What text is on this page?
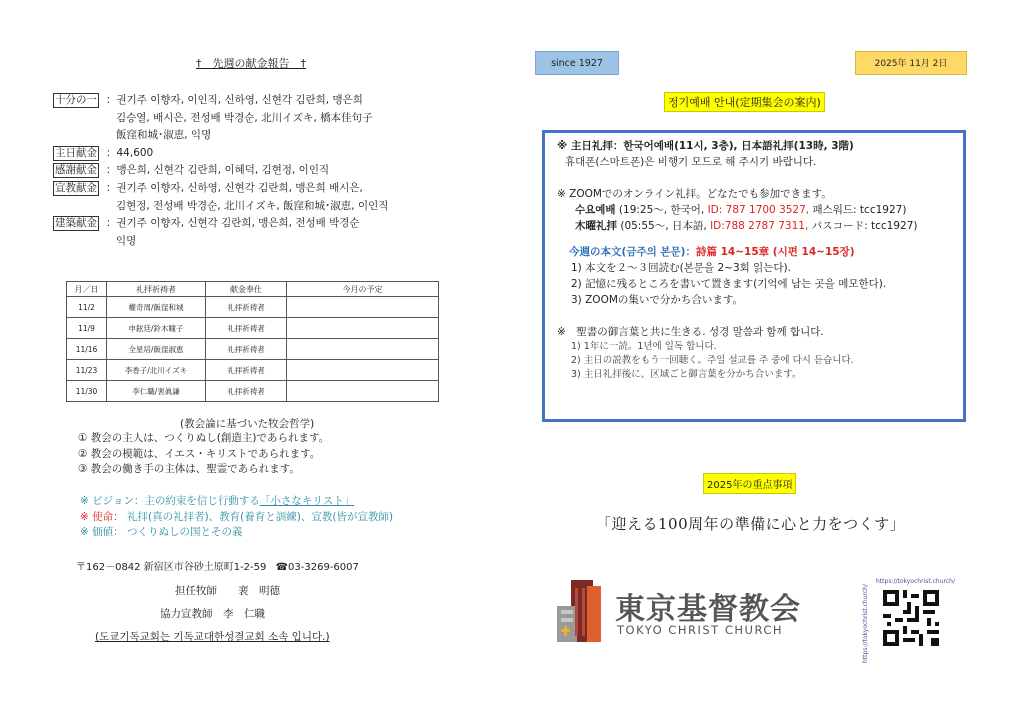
†　先週の献金報告　†
十分の一 ：권기주 이향자, 이인직, 신하영, 신현각 김란희, 맹은희
김승열, 배시은, 전성배 박경순, 北川イズキ, 橋本佳句子
飯窪和城･淑恵, 익명
主日献金 ：44,600
感謝献金 ：맹은희, 신현각 김란희, 이혜덕, 김현정, 이인직
宣教献金 ：권기주 이향자, 신하영, 신현각 김란희, 맹은희 배시은,
김현정, 전성배 박경순, 北川イズキ, 飯窪和城･淑恵, 이인직
建築献金 ：권기주 이향자, 신현각 김란희, 맹은희, 전성배 박경순
익명
月／日	礼拝祈祷者	献金奉仕	今月の予定
11/2	權奇周/飯窪和城	礼拝祈祷者	
11/9	申鉉廷/鈴木瞳子	礼拝祈祷者	
11/16	全星培/飯窪淑恵	礼拝祈祷者	
11/23	李香子/北川イズキ	礼拝祈祷者	
11/30	李仁職/裵眞謙	礼拝祈祷者	
(教会論に基づいた牧会哲学)
① 教会の主人は、つくりぬし(創造主)であられます。
② 教会の模範は、イエス・キリストであられます。
③ 教会の働き手の主体は、聖霊であられます。
※ ビジョン：主の約束を信じ行動する「小さなキリスト」
※ 使命： 礼拝(真の礼拝者)、教育(養育と訓練)、宣教(皆が宣教師)
※ 価値： つくりぬしの国とその義
〒162－0842 新宿区市谷砂土原町1-2-59 ☎03-3269-6007
担任牧師　　裵　明德
協力宣教師　李　仁職
(도쿄기독교회는 기독교대한성결교회 소속 입니다.)
since 1927	2025年 11月 2日
정기예배 안내(定期集会の案内)
※ 主日礼拝：한국어예배(11시, 3층), 日本語礼拝(13時, 3階)
휴대폰(스마트폰)은 비행기 모드로 해 주시기 바랍니다.
※ ZOOMでのオンライン礼拝。どなたでも参加できます。
수요예배 (19:25～, 한국어, ID: 787 1700 3527, 패스워드: tcc1927)
木曜礼拝 (05:55～, 日本語, ID:788 2787 7311, パスコード: tcc1927)
今週の本文(금주의 본문)：詩篇 14~15章 (시편 14~15장)
1) 本文を２～３回読む(본문을 2~3회 읽는다).
2) 記憶に残るところを書いて置きます(기억에 남는 곳을 메모한다).
3) ZOOMの集いで分かち合います。
※　聖書の御言葉と共に生きる. 성경 말씀과 함께 합니다.
1) 1年に一読。1년에 일독 합니다.
2) 主日の説教をもう一回聴く。주일 설교를 주 중에 다시 듣습니다.
3) 主日礼拝後に、区域ごと御言葉を分かち合います。
2025年の重点事項
「迎える100周年の準備に心と力をつくす」
東京基督教会
TOKYO CHRIST CHURCH
https://tokyochrist.church/
https://tokyochrist.church/
